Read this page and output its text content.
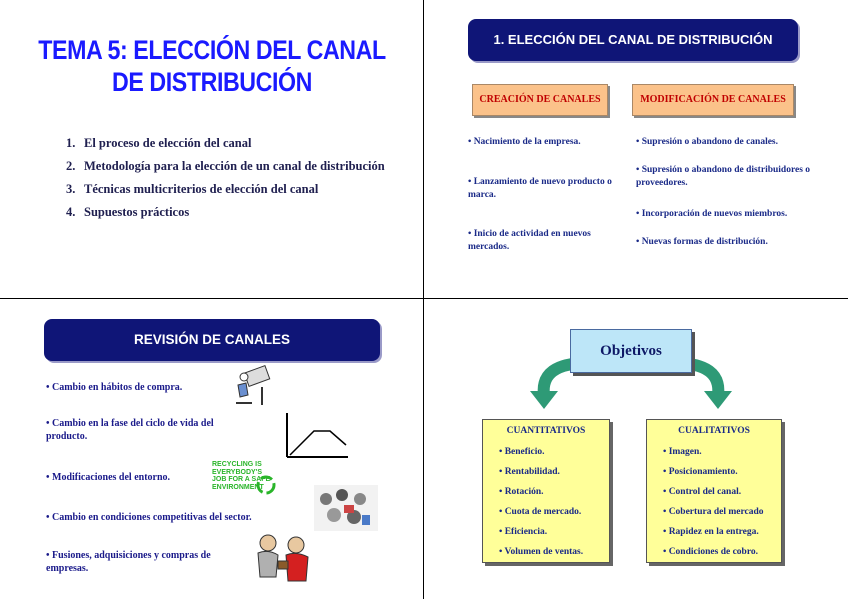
TEMA 5: ELECCIÓN DEL CANAL
DE DISTRIBUCIÓN
1. El proceso de elección del canal
2. Metodología para la elección de un canal de distribución
3. Técnicas multicriterios de elección del canal
4. Supuestos prácticos
1. ELECCIÓN DEL CANAL DE DISTRIBUCIÓN
CREACIÓN DE CANALES	MODIFICACIÓN DE CANALES

• Nacimiento de la empresa.

• Lanzamiento de nuevo producto o marca.

• Inicio de actividad en nuevos mercados.

• Supresión o abandono de canales.

• Supresión o abandono de distribuidores o proveedores.

• Incorporación de nuevos miembros.

• Nuevas formas de distribución.

REVISIÓN DE CANALES
• Cambio en hábitos de compra.
• Cambio en la fase del ciclo de vida del producto.
• Modificaciones del entorno.
• Cambio en condiciones competitivas del sector.
• Fusiones, adquisiciones y compras de empresas.
RECYCLING IS EVERYBODY'S JOB FOR A SAFE ENVIRONMENT
Objetivos
CUANTITATIVOS
• Beneficio.
• Rentabilidad.
• Rotación.
• Cuota de mercado.
• Eficiencia.
• Volumen de ventas.
CUALITATIVOS
• Imagen.
• Posicionamiento.
• Control del canal.
• Cobertura del mercado
• Rapidez en la entrega.
• Condiciones de cobro.
